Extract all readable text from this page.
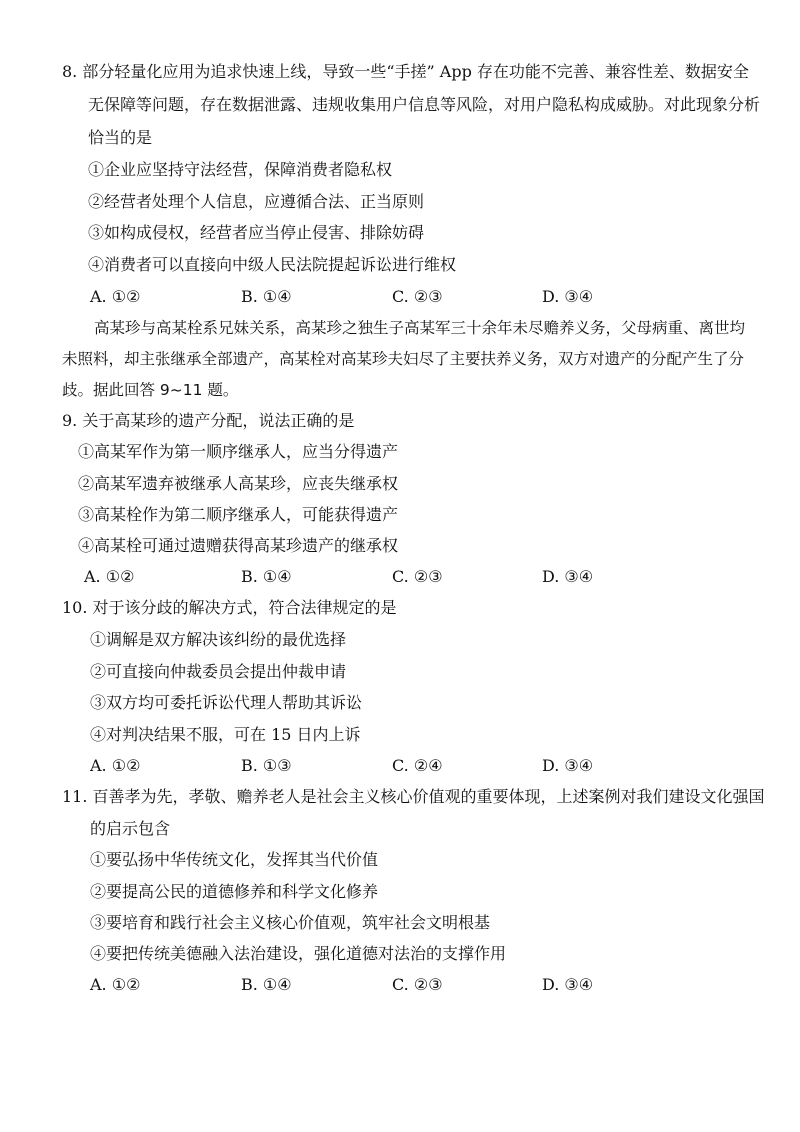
8. 部分轻量化应用为追求快速上线，导致一些“手搓” App 存在功能不完善、兼容性差、数据安全
无保障等问题，存在数据泄露、违规收集用户信息等风险，对用户隐私构成威胁。对此现象分析
恰当的是
①企业应坚持守法经营，保障消费者隐私权
②经营者处理个人信息，应遵循合法、正当原则
③如构成侵权，经营者应当停止侵害、排除妨碍
④消费者可以直接向中级人民法院提起诉讼进行维权
A. ①②	B. ①④	C. ②③	D. ③④
高某珍与高某栓系兄妹关系，高某珍之独生子高某军三十余年未尽赡养义务，父母病重、离世均
未照料，却主张继承全部遗产，高某栓对高某珍夫妇尽了主要扶养义务，双方对遗产的分配产生了分
歧。据此回答 9~11 题。
9. 关于高某珍的遗产分配，说法正确的是
①高某军作为第一顺序继承人，应当分得遗产
②高某军遗弃被继承人高某珍，应丧失继承权
③高某栓作为第二顺序继承人，可能获得遗产
④高某栓可通过遗赠获得高某珍遗产的继承权
A. ①②	B. ①④	C. ②③	D. ③④
10. 对于该分歧的解决方式，符合法律规定的是
①调解是双方解决该纠纷的最优选择
②可直接向仲裁委员会提出仲裁申请
③双方均可委托诉讼代理人帮助其诉讼
④对判决结果不服，可在 15 日内上诉
A. ①②	B. ①③	C. ②④	D. ③④
11. 百善孝为先，孝敬、赡养老人是社会主义核心价值观的重要体现，上述案例对我们建设文化强国
的启示包含
①要弘扬中华传统文化，发挥其当代价值
②要提高公民的道德修养和科学文化修养
③要培育和践行社会主义核心价值观，筑牢社会文明根基
④要把传统美德融入法治建设，强化道德对法治的支撑作用
A. ①②	B. ①④	C. ②③	D. ③④
